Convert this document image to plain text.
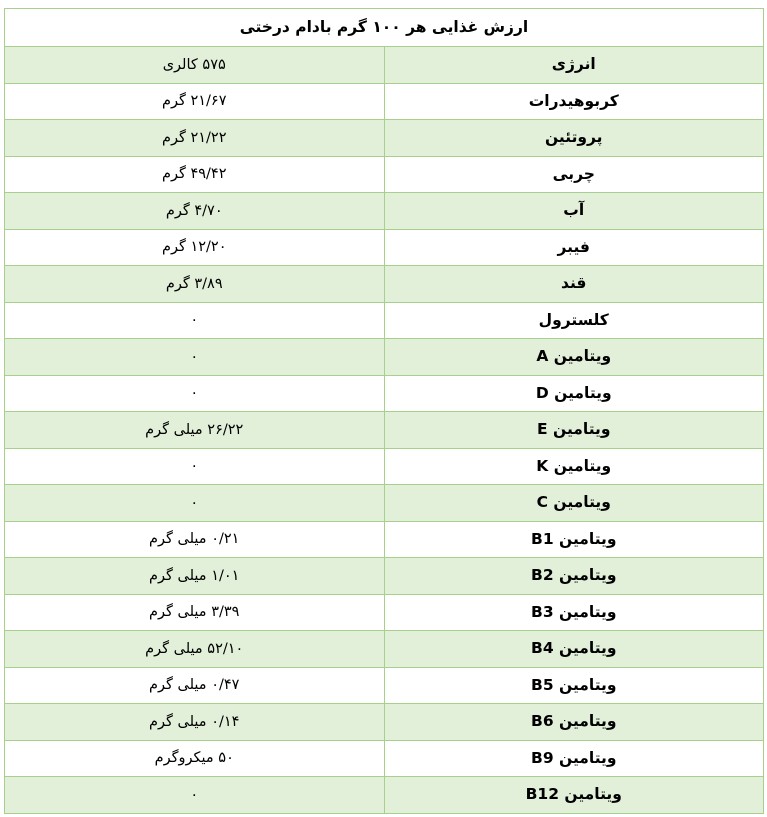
ارزش غذایی هر ۱۰۰ گرم بادام درختی	
انرژی	۵۷۵ کالری
کربوهیدرات	۲۱/۶۷ گرم
پروتئین	۲۱/۲۲ گرم
چربی	۴۹/۴۲ گرم
آب	۴/۷۰ گرم
فیبر	۱۲/۲۰ گرم
قند	۳/۸۹ گرم
کلسترول	۰
ویتامین A	۰
ویتامین D	۰
ویتامین E	۲۶/۲۲ میلی گرم
ویتامین K	۰
ویتامین C	۰
ویتامین B1	۰/۲۱ میلی گرم
ویتامین B2	۱/۰۱ میلی گرم
ویتامین B3	۳/۳۹ میلی گرم
ویتامین B4	۵۲/۱۰ میلی گرم
ویتامین B5	۰/۴۷ میلی گرم
ویتامین B6	۰/۱۴ میلی گرم
ویتامین B9	۵۰ میکروگرم
ویتامین B12	۰
